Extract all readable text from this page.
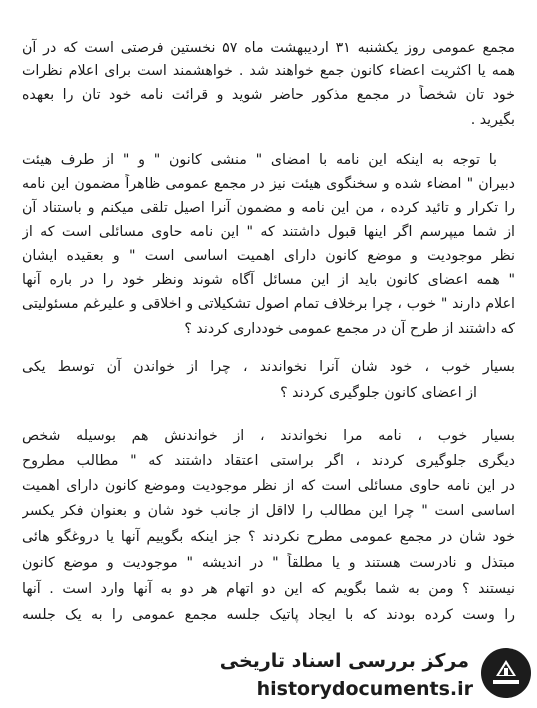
مجمع عمومی روز یکشنبه ۳۱ اردیبهشت ماه ۵۷ نخستین فرصتی است که در آن
همه یا اکثریت اعضاء کانون جمع خواهند شد . خواهشمند است برای اعلام نظرات
خود تان شخصاً در مجمع مذکور حاضر شوید و قرائت نامه خود تان را بعهده
بگیرید .
با توجه به اینکه این نامه با امضای " منشی کانون " و " از طرف هیئت
دبیران " امضاء شده و سخنگوی هیئت نیز در مجمع عمومی ظاهراً مضمون این نامه
را تکرار و تائید کرده ، من این نامه و مضمون آنرا اصیل تلقی میکنم و باستناد آن
از شما میپرسم اگر اینها قبول داشتند که " این نامه حاوی مسائلی است که از
نظر موجودیت و موضع کانون دارای اهمیت اساسی است " و بعقیده ایشان
" همه اعضای کانون باید از این مسائل آگاه شوند ونظر خود را در باره آنها
اعلام دارند " خوب ، چرا برخلاف تمام اصول تشکیلاتی و اخلاقی و علیرغم مسئولیتی
که داشتند از طرح آن در مجمع عمومی خودداری کردند ؟
بسیار خوب ، خود شان آنرا نخواندند ، چرا از خواندن آن توسط یکی
از اعضای کانون جلوگیری کردند ؟
بسیار خوب ، نامه مرا نخواندند ، از خواندنش هم بوسیله شخص
دیگری جلوگیری کردند ، اگر براستی اعتقاد داشتند که " مطالب مطروح
در این نامه حاوی مسائلی است که از نظر موجودیت وموضع کانون دارای اهمیت
اساسی است " چرا این مطالب را لااقل از جانب خود شان و بعنوان فکر یکسر
خود شان در مجمع عمومی مطرح نکردند ؟ جز اینکه بگوییم آنها یا دروغگو هائی
مبتذل و نادرست هستند و یا مطلقاً " در اندیشه " موجودیت و موضع کانون
نیستند ؟ ومن به شما بگویم که این دو اتهام هر دو به آنها وارد است . آنها
را وست کرده بودند که با ایجاد پاتیک جلسه مجمع عمومی را به یک جلسه
مرکز بررسی اسناد تاریخی
historydocuments.ir
